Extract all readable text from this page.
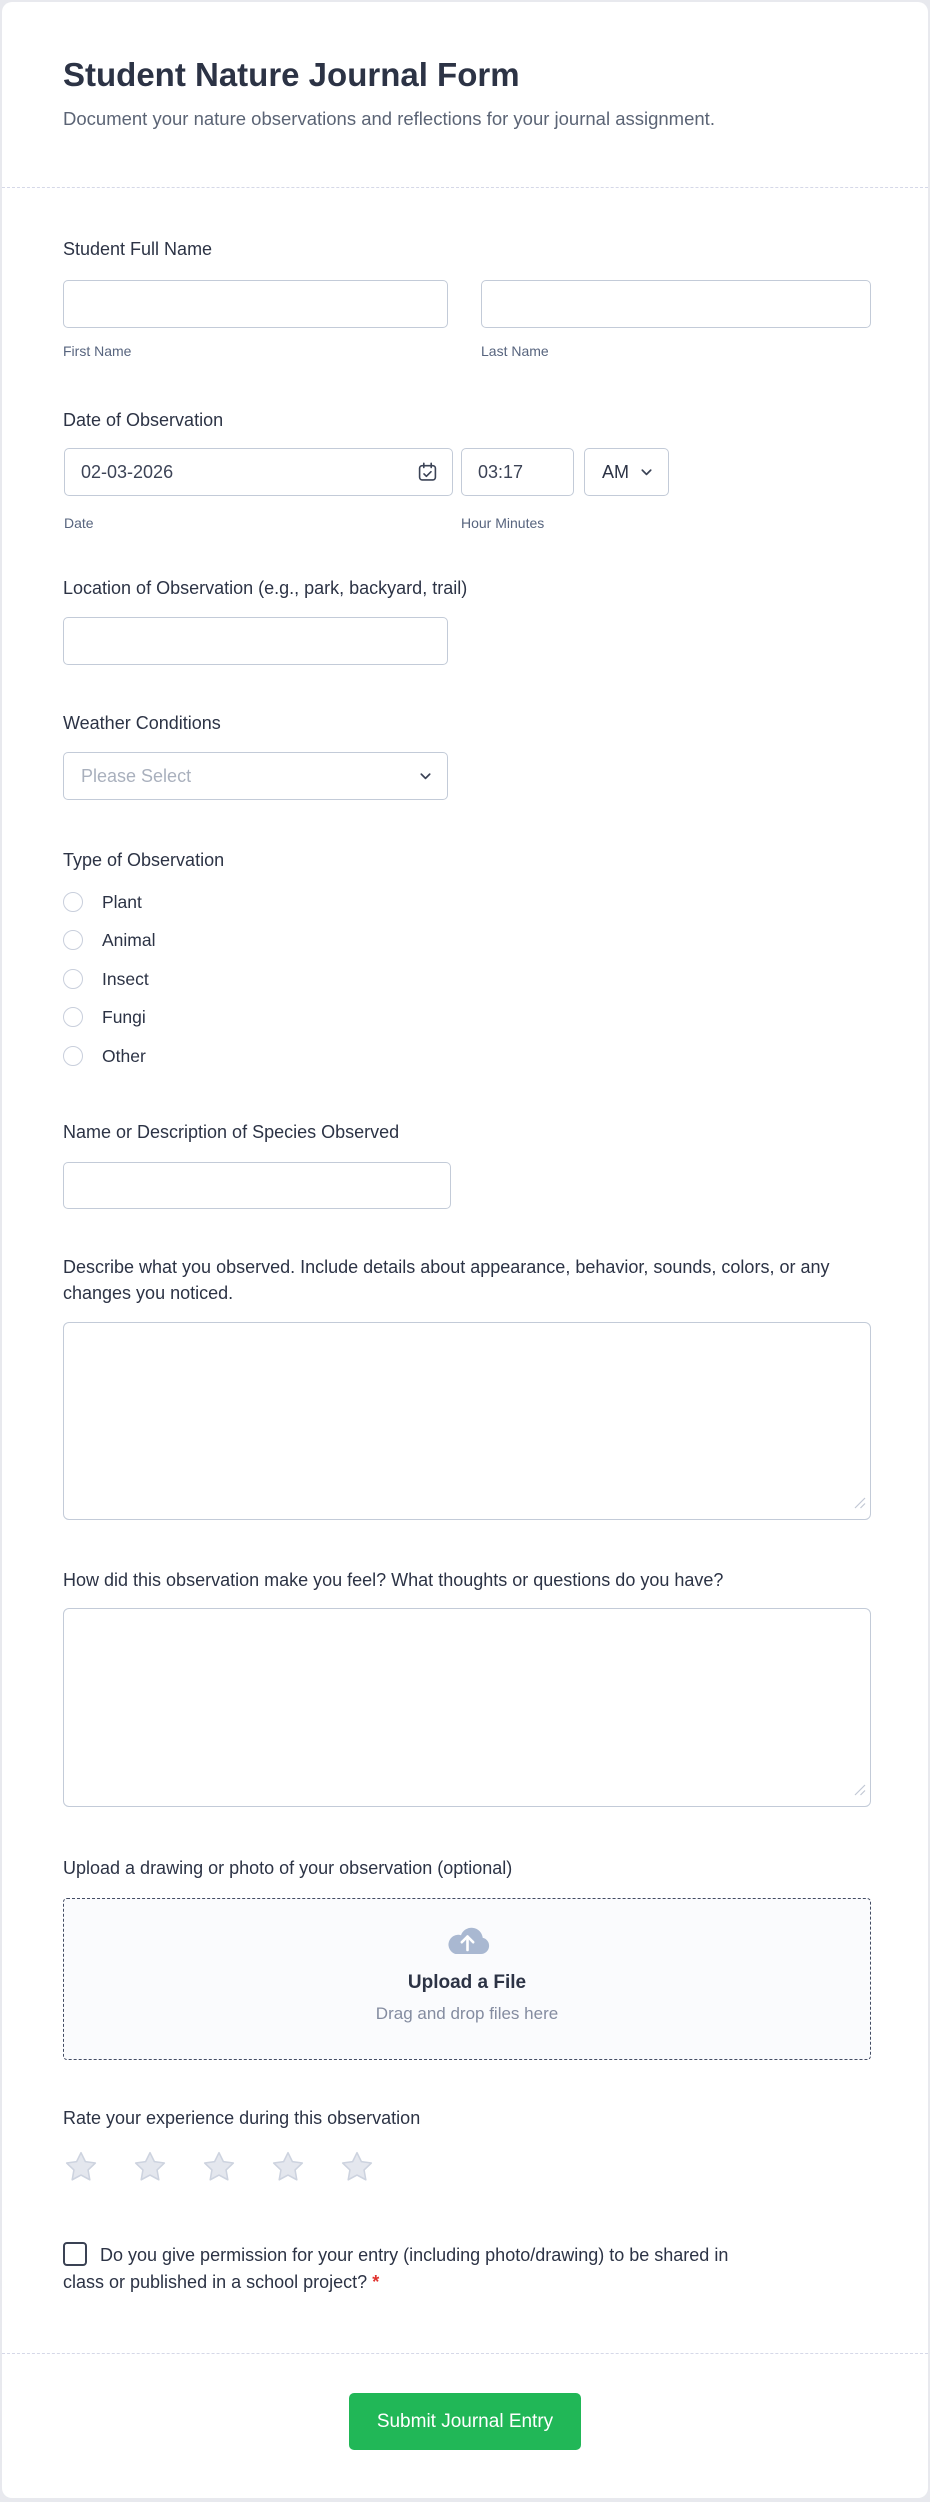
Student Nature Journal Form

Document your nature observations and reflections for your journal assignment.

Student Full Name
First Name	Last Name
Date of Observation
02-03-2026
03:17
AM
Date	Hour Minutes
Location of Observation (e.g., park, backyard, trail)
Weather Conditions
Please Select
Type of Observation
Plant
Animal
Insect
Fungi
Other
Name or Description of Species Observed
Describe what you observed. Include details about appearance, behavior, sounds, colors, or any changes you noticed.
How did this observation make you feel? What thoughts or questions do you have?
Upload a drawing or photo of your observation (optional)
Upload a File
Drag and drop files here
Rate your experience during this observation
Do you give permission for your entry (including photo/drawing) to be shared in class or published in a school project? *
Submit Journal Entry
